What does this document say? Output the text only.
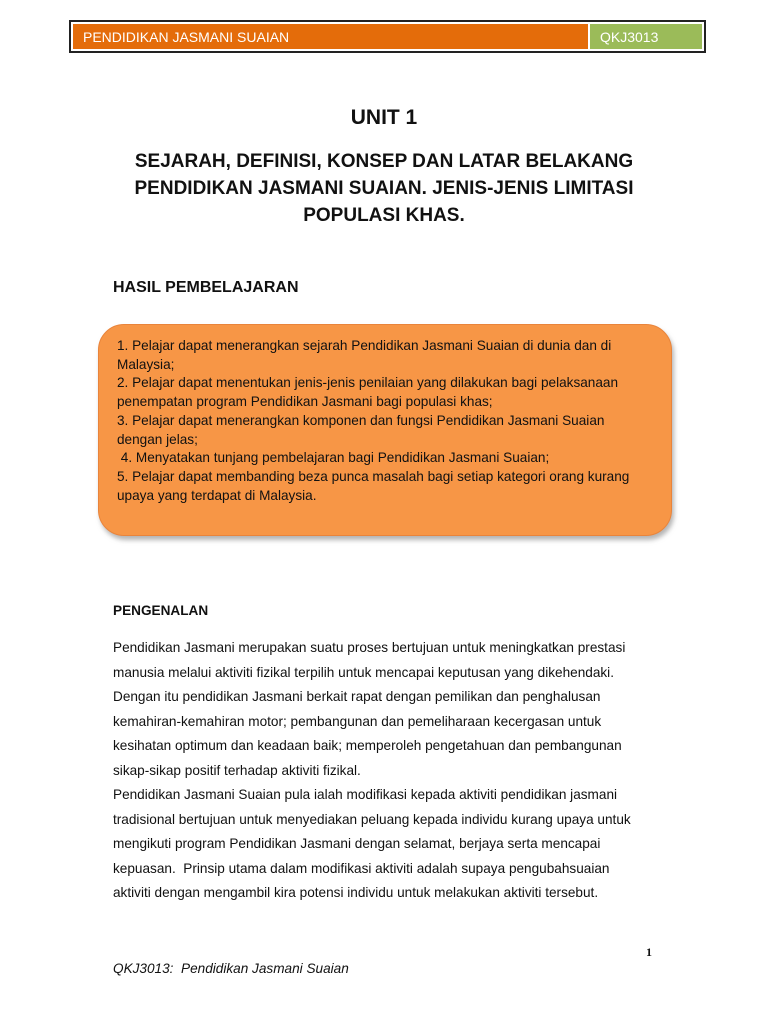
PENDIDIKAN JASMANI SUAIAN	QKJ3013
UNIT 1
SEJARAH, DEFINISI, KONSEP DAN LATAR BELAKANG
PENDIDIKAN JASMANI SUAIAN. JENIS-JENIS LIMITASI
POPULASI KHAS.
HASIL PEMBELAJARAN
1. Pelajar dapat menerangkan sejarah Pendidikan Jasmani Suaian di dunia dan di
Malaysia;
2. Pelajar dapat menentukan jenis-jenis penilaian yang dilakukan bagi pelaksanaan
penempatan program Pendidikan Jasmani bagi populasi khas;
3. Pelajar dapat menerangkan komponen dan fungsi Pendidikan Jasmani Suaian
dengan jelas;
4. Menyatakan tunjang pembelajaran bagi Pendidikan Jasmani Suaian;
5. Pelajar dapat membanding beza punca masalah bagi setiap kategori orang kurang
upaya yang terdapat di Malaysia.
PENGENALAN
Pendidikan Jasmani merupakan suatu proses bertujuan untuk meningkatkan prestasi
manusia melalui aktiviti fizikal terpilih untuk mencapai keputusan yang dikehendaki.
Dengan itu pendidikan Jasmani berkait rapat dengan pemilikan dan penghalusan
kemahiran-kemahiran motor; pembangunan dan pemeliharaan kecergasan untuk
kesihatan optimum dan keadaan baik; memperoleh pengetahuan dan pembangunan
sikap-sikap positif terhadap aktiviti fizikal.
Pendidikan Jasmani Suaian pula ialah modifikasi kepada aktiviti pendidikan jasmani
tradisional bertujuan untuk menyediakan peluang kepada individu kurang upaya untuk
mengikuti program Pendidikan Jasmani dengan selamat, berjaya serta mencapai
kepuasan.  Prinsip utama dalam modifikasi aktiviti adalah supaya pengubahsuaian
aktiviti dengan mengambil kira potensi individu untuk melakukan aktiviti tersebut.
1
QKJ3013:  Pendidikan Jasmani Suaian
